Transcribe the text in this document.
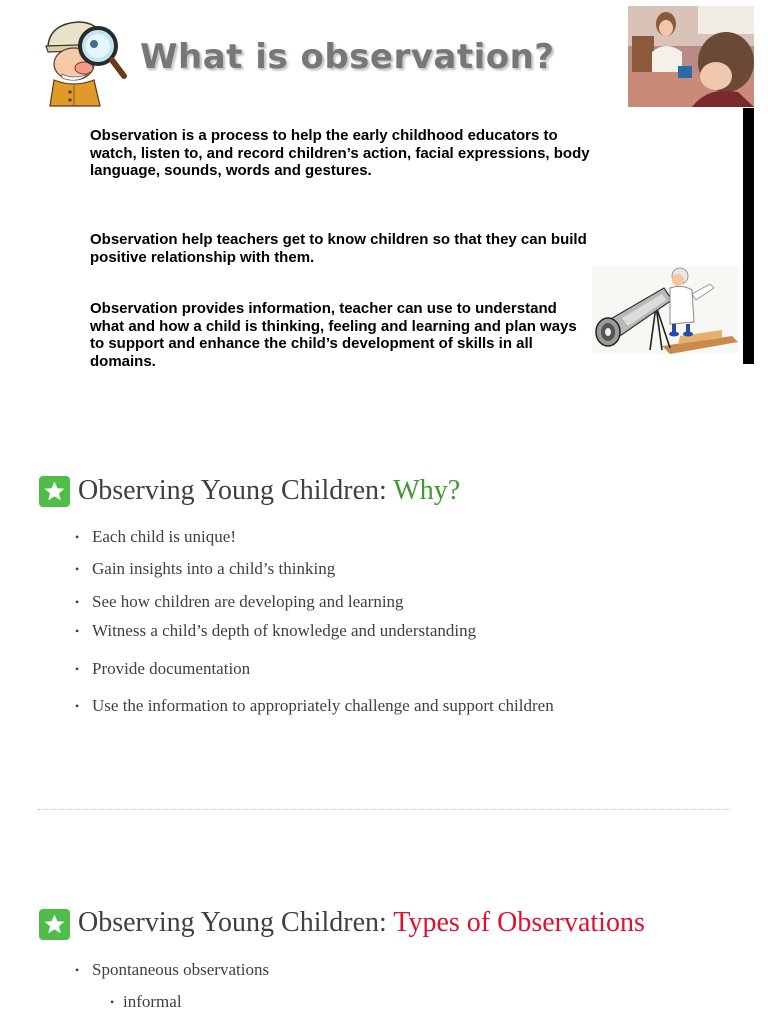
What is observation?

Observation is a process to help the early childhood educators to watch, listen to, and record children’s action, facial expressions, body language, sounds, words and gestures.

Observation help teachers get to know children so that they can build positive relationship with them.

Observation provides information, teacher can use to understand what and how a child is thinking, feeling and learning and plan ways to support and enhance the child’s development of skills in all domains.

Observing Young Children: Why?
• Each child is unique!
• Gain insights into a child’s thinking
• See how children are developing and learning
• Witness a child’s depth of knowledge and understanding
• Provide documentation
• Use the information to appropriately challenge and support children
Observing Young Children: Types of Observations
• Spontaneous observations
• informal
